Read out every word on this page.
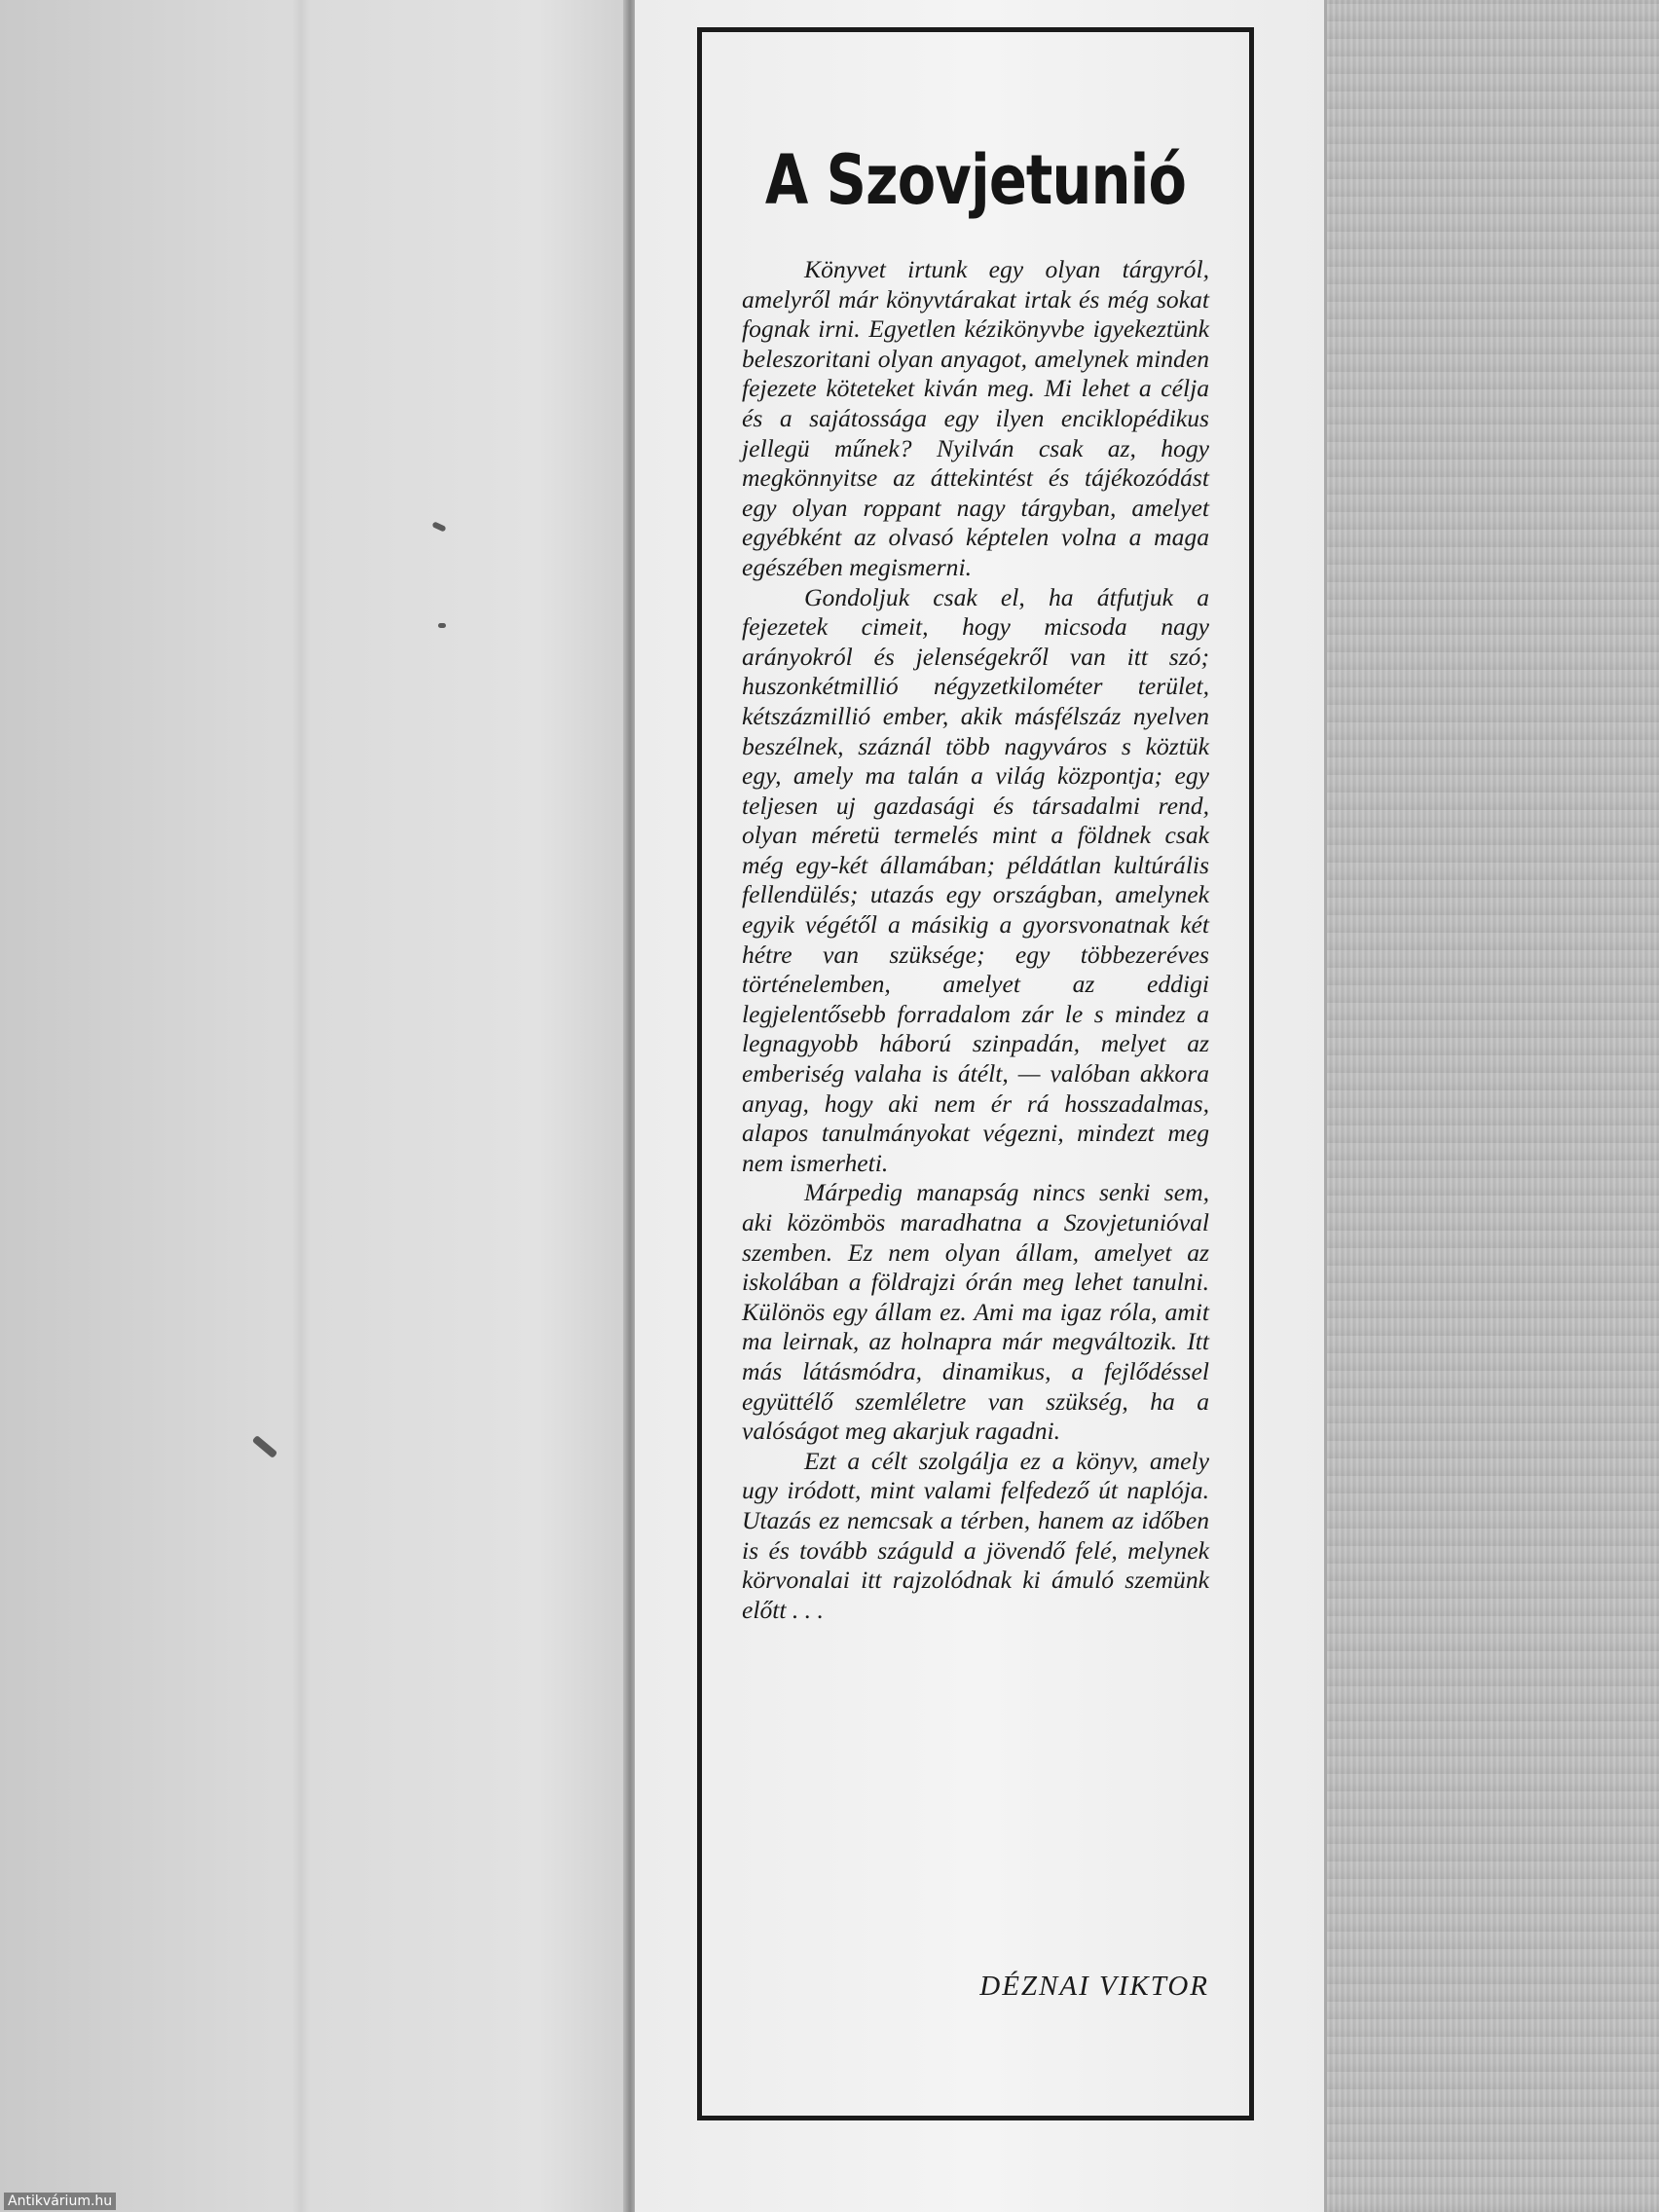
A Szovjetunió

Könyvet irtunk egy olyan tárgyról, amelyről már könyvtárakat irtak és még sokat fognak irni. Egyetlen kézikönyvbe igyekeztünk beleszoritani olyan anyagot, amelynek minden fejezete köteteket kiván meg. Mi lehet a célja és a sajátossága egy ilyen enciklopédikus jellegü műnek? Nyilván csak az, hogy megkönnyitse az áttekintést és tájékozódást egy olyan roppant nagy tárgyban, amelyet egyébként az olvasó képtelen volna a maga egészében megismerni.

Gondoljuk csak el, ha átfutjuk a fejezetek cimeit, hogy micsoda nagy arányokról és jelenségekről van itt szó; huszonkétmillió négyzetkilométer terület, kétszázmillió ember, akik másfélszáz nyelven beszélnek, száznál több nagyváros s köztük egy, amely ma talán a világ központja; egy teljesen uj gazdasági és társadalmi rend, olyan méretü termelés mint a földnek csak még egy-két államában; példátlan kultúrális fellendülés; utazás egy országban, amelynek egyik végétől a másikig a gyorsvonatnak két hétre van szüksége; egy többezeréves történelemben, amelyet az eddigi legjelentősebb forradalom zár le s mindez a legnagyobb háború szinpadán, melyet az emberiség valaha is átélt, — valóban akkora anyag, hogy aki nem ér rá hosszadalmas, alapos tanulmányokat végezni, mindezt meg nem ismerheti.

Márpedig manapság nincs senki sem, aki közömbös maradhatna a Szovjetunióval szemben. Ez nem olyan állam, amelyet az iskolában a földrajzi órán meg lehet tanulni. Különös egy állam ez. Ami ma igaz róla, amit ma leirnak, az holnapra már megváltozik. Itt más látásmódra, dinamikus, a fejlődéssel együttélő szemléletre van szükség, ha a valóságot meg akarjuk ragadni.

Ezt a célt szolgálja ez a könyv, amely ugy iródott, mint valami felfedező út naplója. Utazás ez nemcsak a térben, hanem az időben is és tovább száguld a jövendő felé, melynek körvonalai itt rajzolódnak ki ámuló szemünk előtt . . .

DÉZNAI VIKTOR
Antikvárium.hu
